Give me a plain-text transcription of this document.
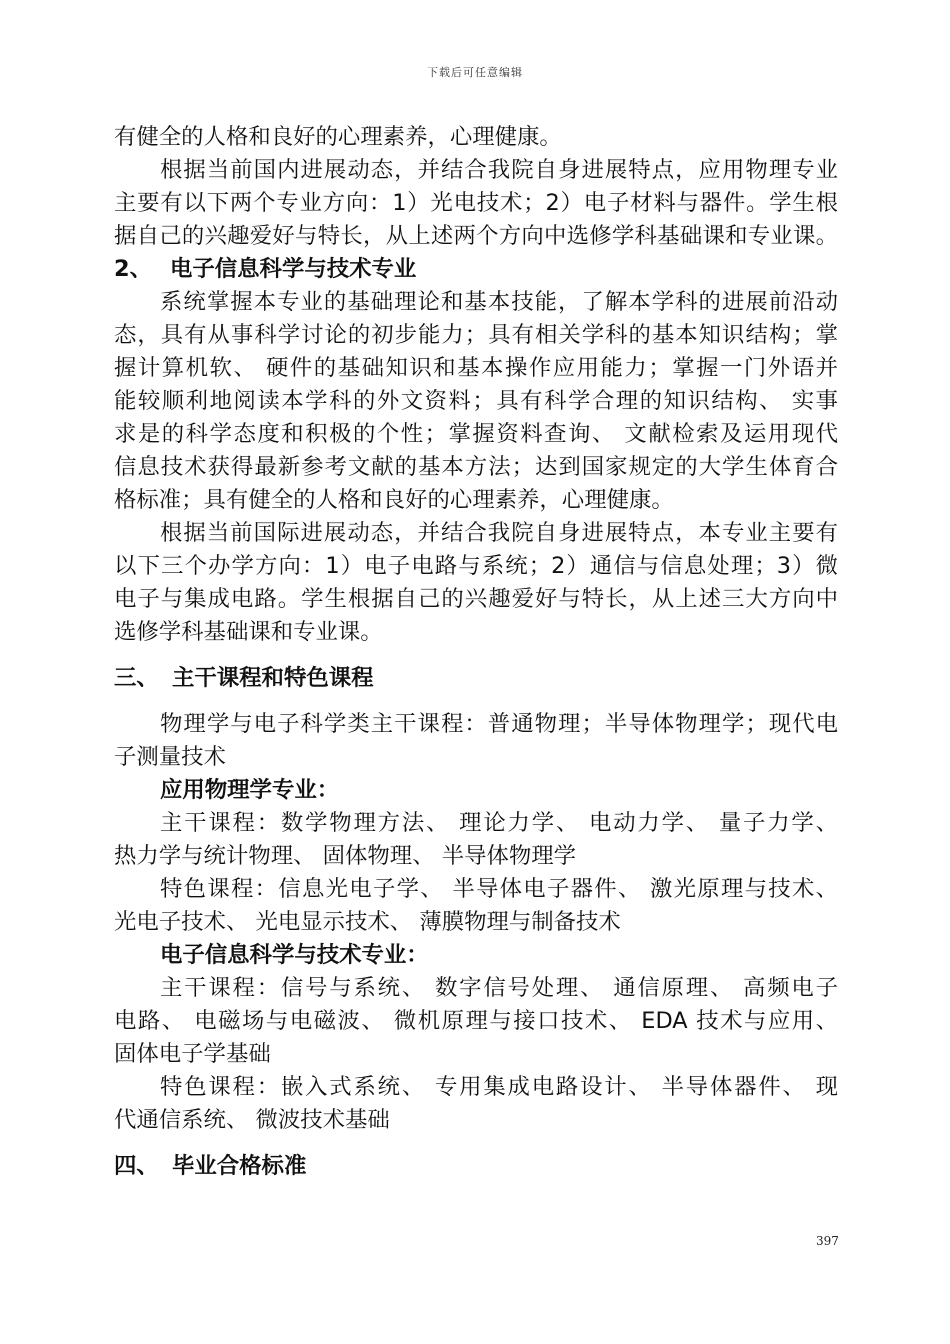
下载后可任意编辑
有健全的人格和良好的心理素养，心理健康。
根据当前国内进展动态，并结合我院自身进展特点，应用物理专业
主要有以下两个专业方向：1）光电技术；2）电子材料与器件。学生根
据自己的兴趣爱好与特长，从上述两个方向中选修学科基础课和专业课。
2、 电子信息科学与技术专业
系统掌握本专业的基础理论和基本技能，了解本学科的进展前沿动
态，具有从事科学讨论的初步能力；具有相关学科的基本知识结构；掌
握计算机软、 硬件的基础知识和基本操作应用能力；掌握一门外语并
能较顺利地阅读本学科的外文资料；具有科学合理的知识结构、 实事
求是的科学态度和积极的个性；掌握资料查询、 文献检索及运用现代
信息技术获得最新参考文献的基本方法；达到国家规定的大学生体育合
格标准；具有健全的人格和良好的心理素养，心理健康。
根据当前国际进展动态，并结合我院自身进展特点，本专业主要有
以下三个办学方向：1）电子电路与系统；2）通信与信息处理；3）微
电子与集成电路。学生根据自己的兴趣爱好与特长，从上述三大方向中
选修学科基础课和专业课。
三、 主干课程和特色课程
物理学与电子科学类主干课程：普通物理；半导体物理学；现代电
子测量技术
应用物理学专业：
主干课程：数学物理方法、 理论力学、 电动力学、 量子力学、
热力学与统计物理、 固体物理、 半导体物理学
特色课程：信息光电子学、 半导体电子器件、 激光原理与技术、
光电子技术、 光电显示技术、 薄膜物理与制备技术
电子信息科学与技术专业：
主干课程：信号与系统、 数字信号处理、 通信原理、 高频电子
电路、 电磁场与电磁波、 微机原理与接口技术、 EDA 技术与应用、
固体电子学基础
特色课程：嵌入式系统、 专用集成电路设计、 半导体器件、 现
代通信系统、 微波技术基础
四、 毕业合格标准
397
